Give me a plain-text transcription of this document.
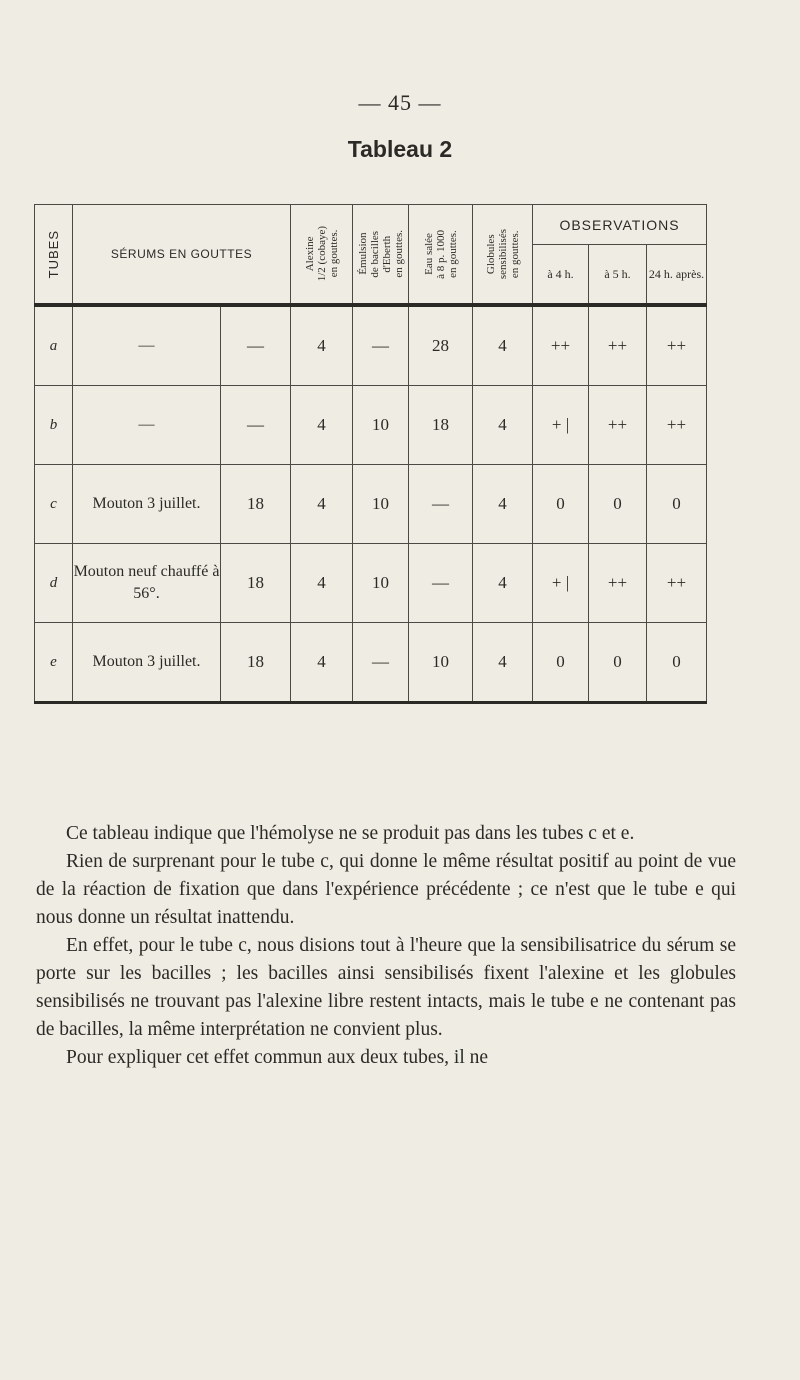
— 45 —
Tableau 2
TUBES	SÉRUMS EN GOUTTES		Alexine
1/2 (cobaye)
en gouttes.	Émulsion
de bacilles
d'Eberth
en gouttes.	Eau salée
à 8 p. 1000
en gouttes.	Globules
sensibilisés
en gouttes.	OBSERVATIONS		
							à 4 h.	à 5 h.	24 h. après.
a	—	—	4	—	28	4	++	++	++
b	—	—	4	10	18	4	+ |	++	++
c	Mouton 3 juillet.	18	4	10	—	4	0	0	0
d	Mouton neuf chauffé à 56°.	18	4	10	—	4	+ |	++	++
e	Mouton 3 juillet.	18	4	—	10	4	0	0	0

Ce tableau indique que l'hémolyse ne se produit pas dans les tubes c et e.

Rien de surprenant pour le tube c, qui donne le même résultat positif au point de vue de la réaction de fixation que dans l'expérience précédente ; ce n'est que le tube e qui nous donne un résultat inattendu.

En effet, pour le tube c, nous disions tout à l'heure que la sensibilisatrice du sérum se porte sur les bacilles ; les bacilles ainsi sensibilisés fixent l'alexine et les globules sensibilisés ne trouvant pas l'alexine libre restent intacts, mais le tube e ne contenant pas de bacilles, la même interprétation ne convient plus.

Pour expliquer cet effet commun aux deux tubes, il ne
